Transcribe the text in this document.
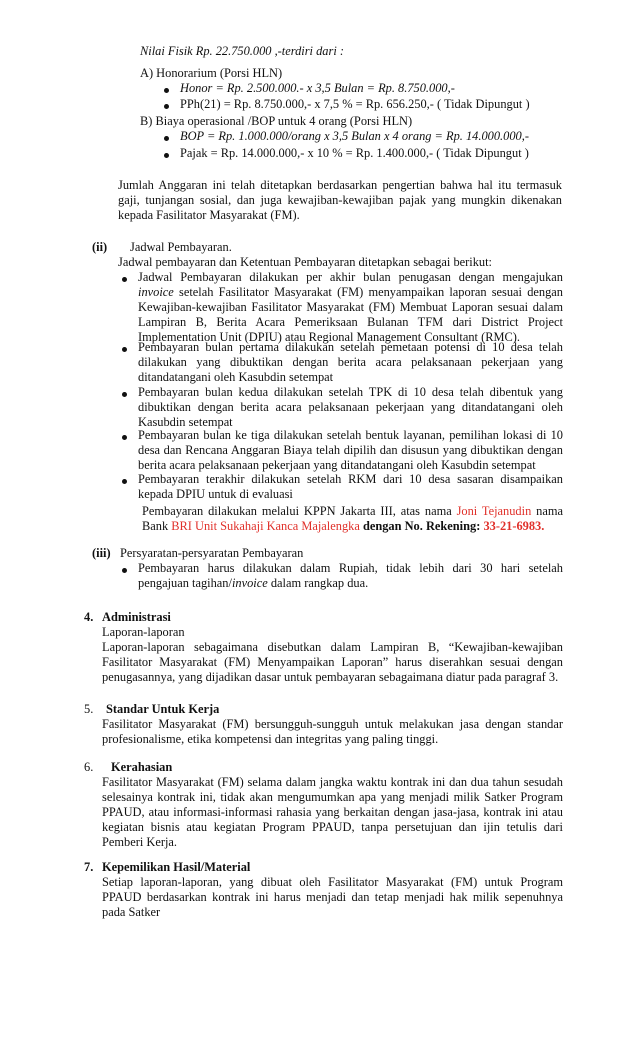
Nilai Fisik Rp. 22.750.000 ,-terdiri dari :
A) Honorarium (Porsi HLN)
Honor = Rp. 2.500.000.- x 3,5 Bulan = Rp. 8.750.000,-
PPh(21) = Rp. 8.750.000,- x 7,5 % = Rp. 656.250,- ( Tidak Dipungut )
B) Biaya operasional /BOP untuk 4 orang (Porsi HLN)
BOP = Rp. 1.000.000/orang x 3,5 Bulan x 4 orang = Rp. 14.000.000,-
Pajak = Rp. 14.000.000,- x 10 % = Rp. 1.400.000,- ( Tidak Dipungut )
Jumlah Anggaran ini telah ditetapkan berdasarkan pengertian bahwa hal itu termasuk gaji, tunjangan sosial, dan juga kewajiban-kewajiban pajak yang mungkin dikenakan kepada Fasilitator Masyarakat (FM).
(ii) Jadwal Pembayaran.
Jadwal pembayaran dan Ketentuan Pembayaran ditetapkan sebagai berikut:
Jadwal Pembayaran dilakukan per akhir bulan penugasan dengan mengajukan invoice setelah Fasilitator Masyarakat (FM) menyampaikan laporan sesuai dengan Kewajiban-kewajiban Fasilitator Masyarakat (FM) Membuat Laporan sesuai dalam Lampiran B, Berita Acara Pemeriksaan Bulanan TFM dari District Project Implementation Unit (DPIU) atau Regional Management Consultant (RMC).
Pembayaran bulan pertama dilakukan setelah pemetaan potensi di 10 desa telah dilakukan yang dibuktikan dengan berita acara pelaksanaan pekerjaan yang ditandatangani oleh Kasubdin setempat
Pembayaran bulan kedua dilakukan setelah TPK di 10 desa telah dibentuk yang dibuktikan dengan berita acara pelaksanaan pekerjaan yang ditandatangani oleh Kasubdin setempat
Pembayaran bulan ke tiga dilakukan setelah bentuk layanan, pemilihan lokasi di 10 desa dan Rencana Anggaran Biaya telah dipilih dan disusun yang dibuktikan dengan berita acara pelaksanaan pekerjaan yang ditandatangani oleh Kasubdin setempat
Pembayaran terakhir dilakukan setelah RKM dari 10 desa sasaran disampaikan kepada DPIU untuk di evaluasi
Pembayaran dilakukan melalui KPPN Jakarta III, atas nama Joni Tejanudin nama Bank BRI Unit Sukahaji Kanca Majalengka dengan No. Rekening: 33-21-6983.
(iii) Persyaratan-persyaratan Pembayaran
Pembayaran harus dilakukan dalam Rupiah, tidak lebih dari 30 hari setelah pengajuan tagihan/invoice dalam rangkap dua.
4. Administrasi
Laporan-laporan
Laporan-laporan sebagaimana disebutkan dalam Lampiran B, “Kewajiban-kewajiban Fasilitator Masyarakat (FM) Menyampaikan Laporan” harus diserahkan sesuai dengan penugasannya, yang dijadikan dasar untuk pembayaran sebagaimana diatur pada paragraf 3.
5. Standar Untuk Kerja
Fasilitator Masyarakat (FM) bersungguh-sungguh untuk melakukan jasa dengan standar profesionalisme, etika kompetensi dan integritas yang paling tinggi.
6. Kerahasian
Fasilitator Masyarakat (FM) selama dalam jangka waktu kontrak ini dan dua tahun sesudah selesainya kontrak ini, tidak akan mengumumkan apa yang menjadi milik Satker Program PPAUD, atau informasi-informasi rahasia yang berkaitan dengan jasa-jasa, kontrak ini atau kegiatan bisnis atau kegiatan Program PPAUD, tanpa persetujuan dan ijin tetulis dari Pemberi Kerja.
7. Kepemilikan Hasil/Material
Setiap laporan-laporan, yang dibuat oleh Fasilitator Masyarakat (FM) untuk Program PPAUD berdasarkan kontrak ini harus menjadi dan tetap menjadi hak milik sepenuhnya pada Satker
